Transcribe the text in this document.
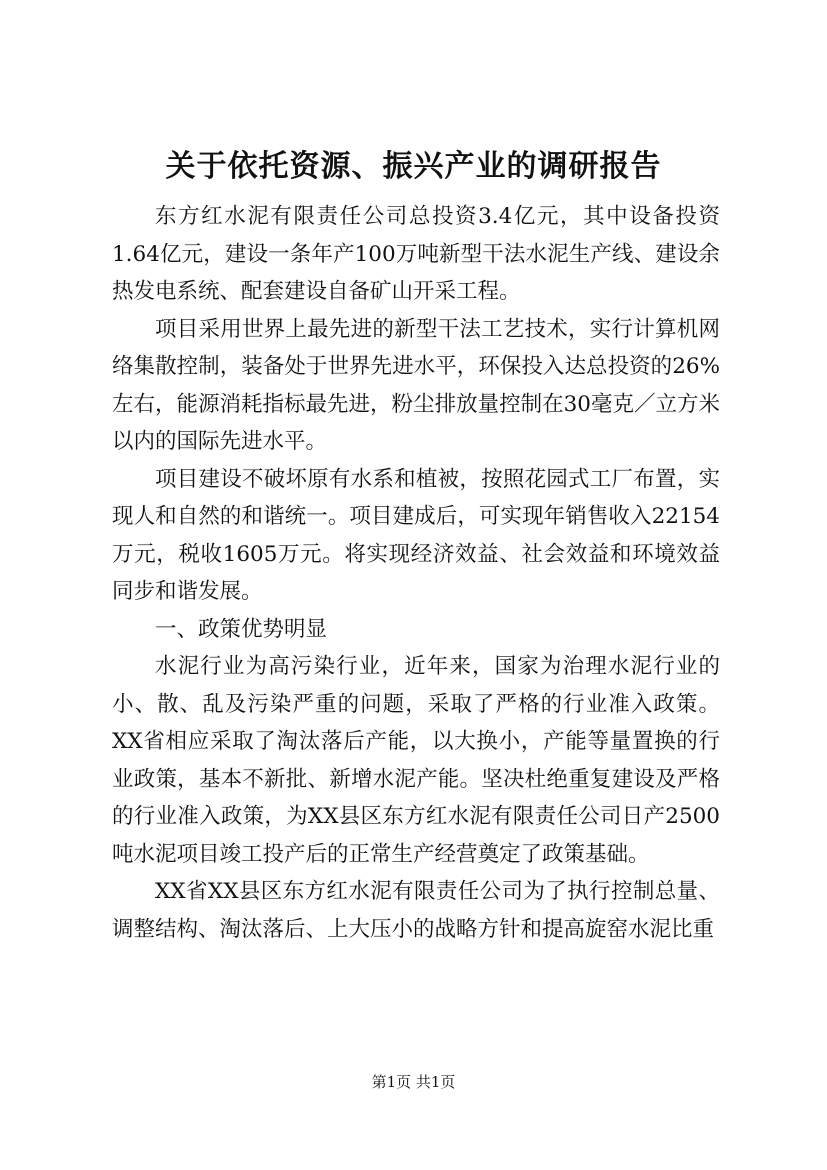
关于依托资源、振兴产业的调研报告

东方红水泥有限责任公司总投资3.4亿元，其中设备投资1.64亿元，建设一条年产100万吨新型干法水泥生产线、建设余热发电系统、配套建设自备矿山开采工程。

项目采用世界上最先进的新型干法工艺技术，实行计算机网络集散控制，装备处于世界先进水平，环保投入达总投资的26%左右，能源消耗指标最先进，粉尘排放量控制在30毫克／立方米以内的国际先进水平。

项目建设不破坏原有水系和植被，按照花园式工厂布置，实现人和自然的和谐统一。项目建成后，可实现年销售收入22154万元，税收1605万元。将实现经济效益、社会效益和环境效益同步和谐发展。

一、政策优势明显

水泥行业为高污染行业，近年来，国家为治理水泥行业的小、散、乱及污染严重的问题，采取了严格的行业准入政策。XX省相应采取了淘汰落后产能，以大换小，产能等量置换的行业政策，基本不新批、新增水泥产能。坚决杜绝重复建设及严格的行业准入政策，为XX县区东方红水泥有限责任公司日产2500吨水泥项目竣工投产后的正常生产经营奠定了政策基础。

XX省XX县区东方红水泥有限责任公司为了执行控制总量、调整结构、淘汰落后、上大压小的战略方针和提高旋窑水泥比重

第1页 共1页
